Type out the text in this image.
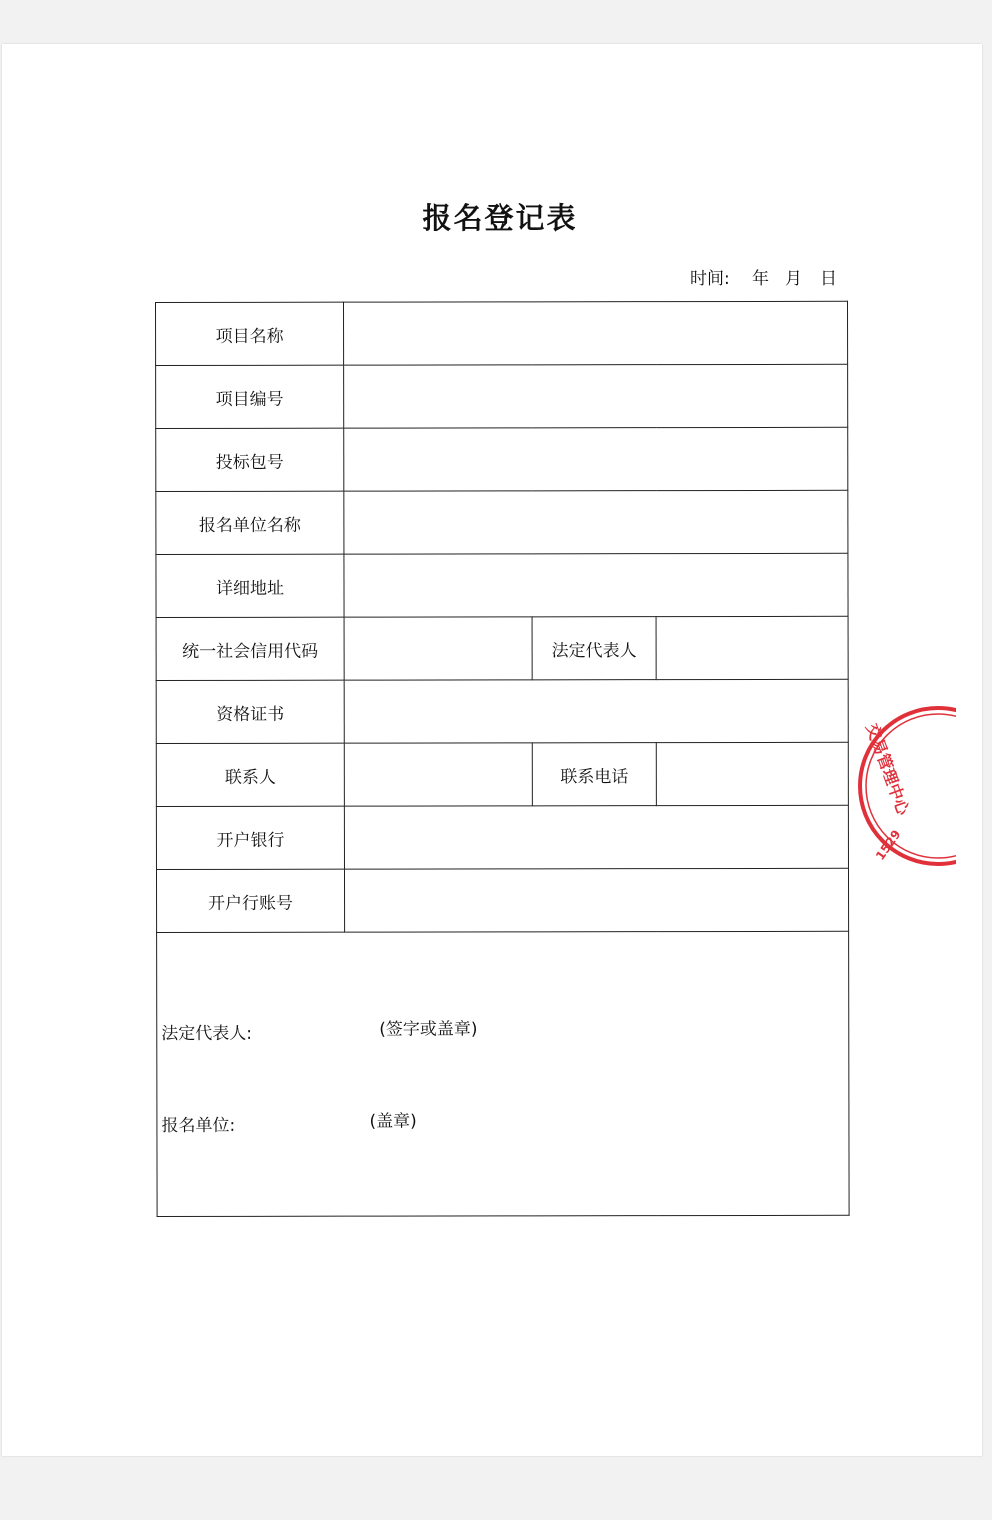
报名登记表
时间: 年 月 日
项目名称			
项目编号			
投标包号			
报名单位名称			
详细地址			
统一社会信用代码		法定代表人	
资格证书			
联系人		联系电话	
开户银行			
开户行账号			

法定代表人: (签字或盖章)
报名单位: (盖章)			
交易管理中心
1529
